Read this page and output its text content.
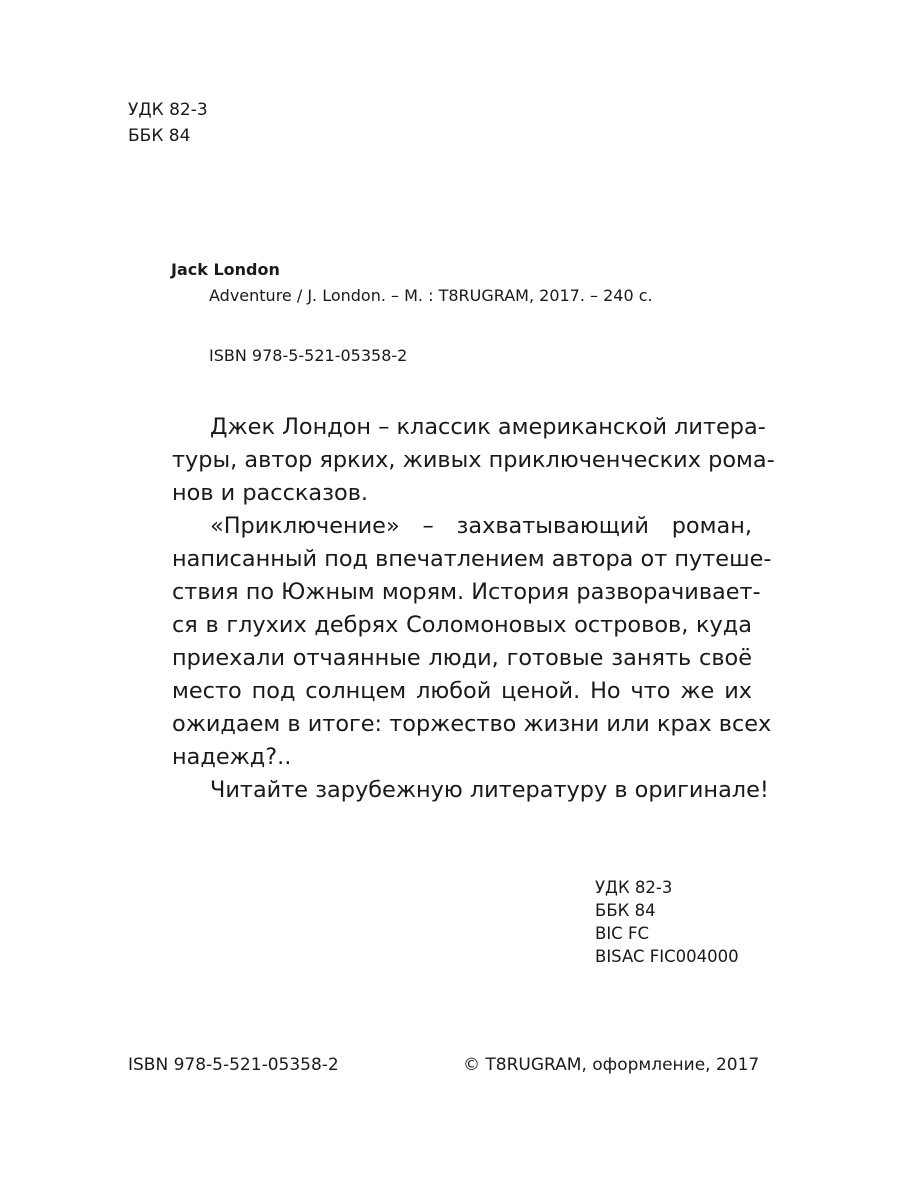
УДК 82-3
ББК 84
Jack London
Adventure / J. London. – M. : T8RUGRAM, 2017. – 240 c.
ISBN 978-5-521-05358-2
Джек Лондон – классик американской литера-
туры, автор ярких, живых приключенческих рома-
нов и рассказов.
«Приключение» – захватывающий роман,
написанный под впечатлением автора от путеше-
ствия по Южным морям. История разворачивает-
ся в глухих дебрях Соломоновых островов, куда
приехали отчаянные люди, готовые занять своё
место под солнцем любой ценой. Но что же их
ожидаем в итоге: торжество жизни или крах всех
надежд?..
Читайте зарубежную литературу в оригинале!
УДК 82-3
ББК 84
BIC FC
BISAC FIC004000
ISBN 978-5-521-05358-2	© T8RUGRAM, оформление, 2017
